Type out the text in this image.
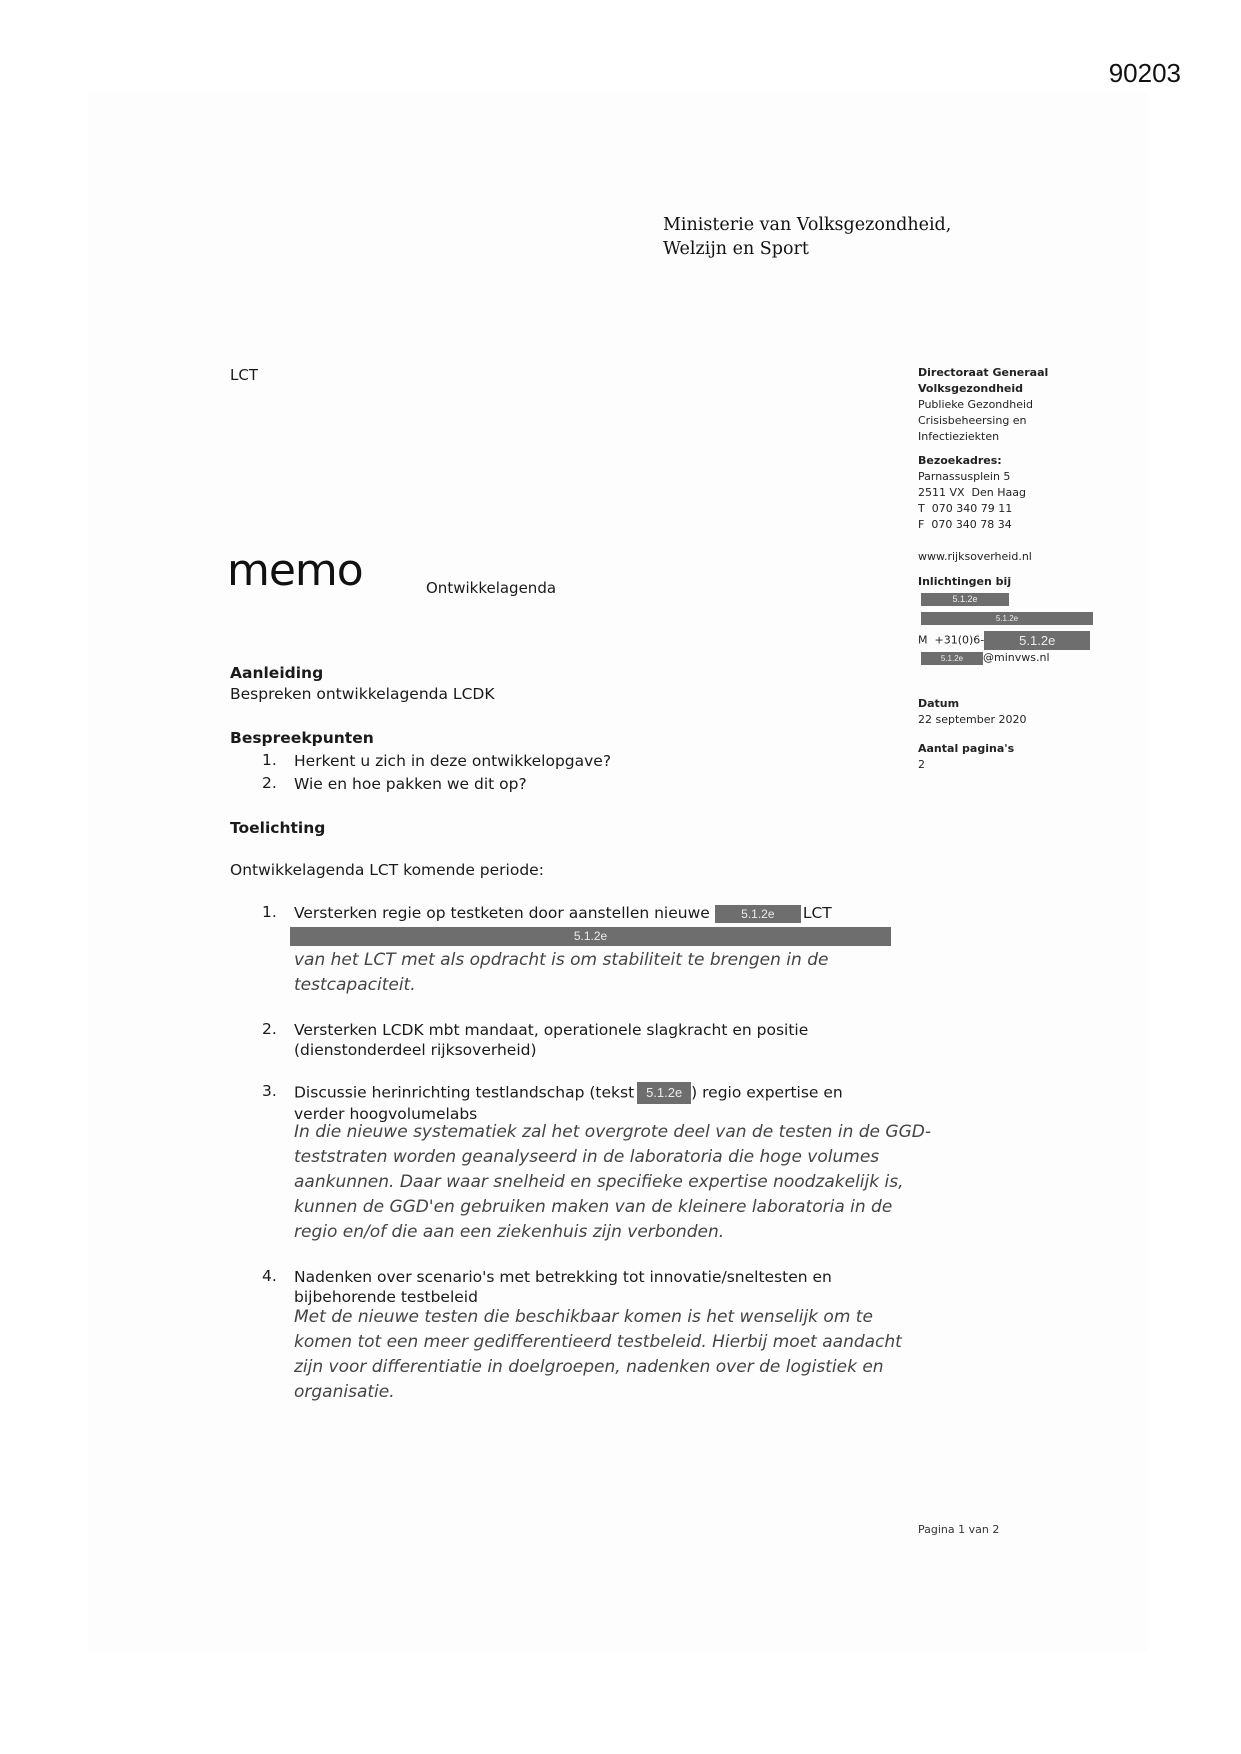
90203
Ministerie van Volksgezondheid,
Welzijn en Sport
LCT
memo	Ontwikkelagenda
Directoraat Generaal
Volksgezondheid
Publieke Gezondheid
Crisisbeheersing en
Infectieziekten
Bezoekadres:
Parnassusplein 5
2511 VX  Den Haag
T  070 340 79 11
F  070 340 78 34
www.rijksoverheid.nl
Inlichtingen bij
5.1.2e
5.1.2e
M  +31(0)6-	5.1.2e
5.1.2e @minvws.nl
Datum
22 september 2020
Aantal pagina's
2
Aanleiding
Bespreken ontwikkelagenda LCDK
Bespreekpunten
1. Herkent u zich in deze ontwikkelopgave?
2. Wie en hoe pakken we dit op?
Toelichting
Ontwikkelagenda LCT komende periode:
1. Versterken regie op testketen door aanstellen nieuwe	5.1.2e LCT
5.1.2e
van het LCT met als opdracht is om stabiliteit te brengen in de
testcapaciteit.
2. Versterken LCDK mbt mandaat, operationele slagkracht en positie
(dienstonderdeel rijksoverheid)
3. Discussie herinrichting testlandschap (tekst 5.1.2e ) regio expertise en
verder hoogvolumelabs
In die nieuwe systematiek zal het overgrote deel van de testen in de GGD-
teststraten worden geanalyseerd in de laboratoria die hoge volumes
aankunnen. Daar waar snelheid en specifieke expertise noodzakelijk is,
kunnen de GGD'en gebruiken maken van de kleinere laboratoria in de
regio en/of die aan een ziekenhuis zijn verbonden.
4. Nadenken over scenario's met betrekking tot innovatie/sneltesten en
bijbehorende testbeleid
Met de nieuwe testen die beschikbaar komen is het wenselijk om te
komen tot een meer gedifferentieerd testbeleid. Hierbij moet aandacht
zijn voor differentiatie in doelgroepen, nadenken over de logistiek en
organisatie.
Pagina 1 van 2
